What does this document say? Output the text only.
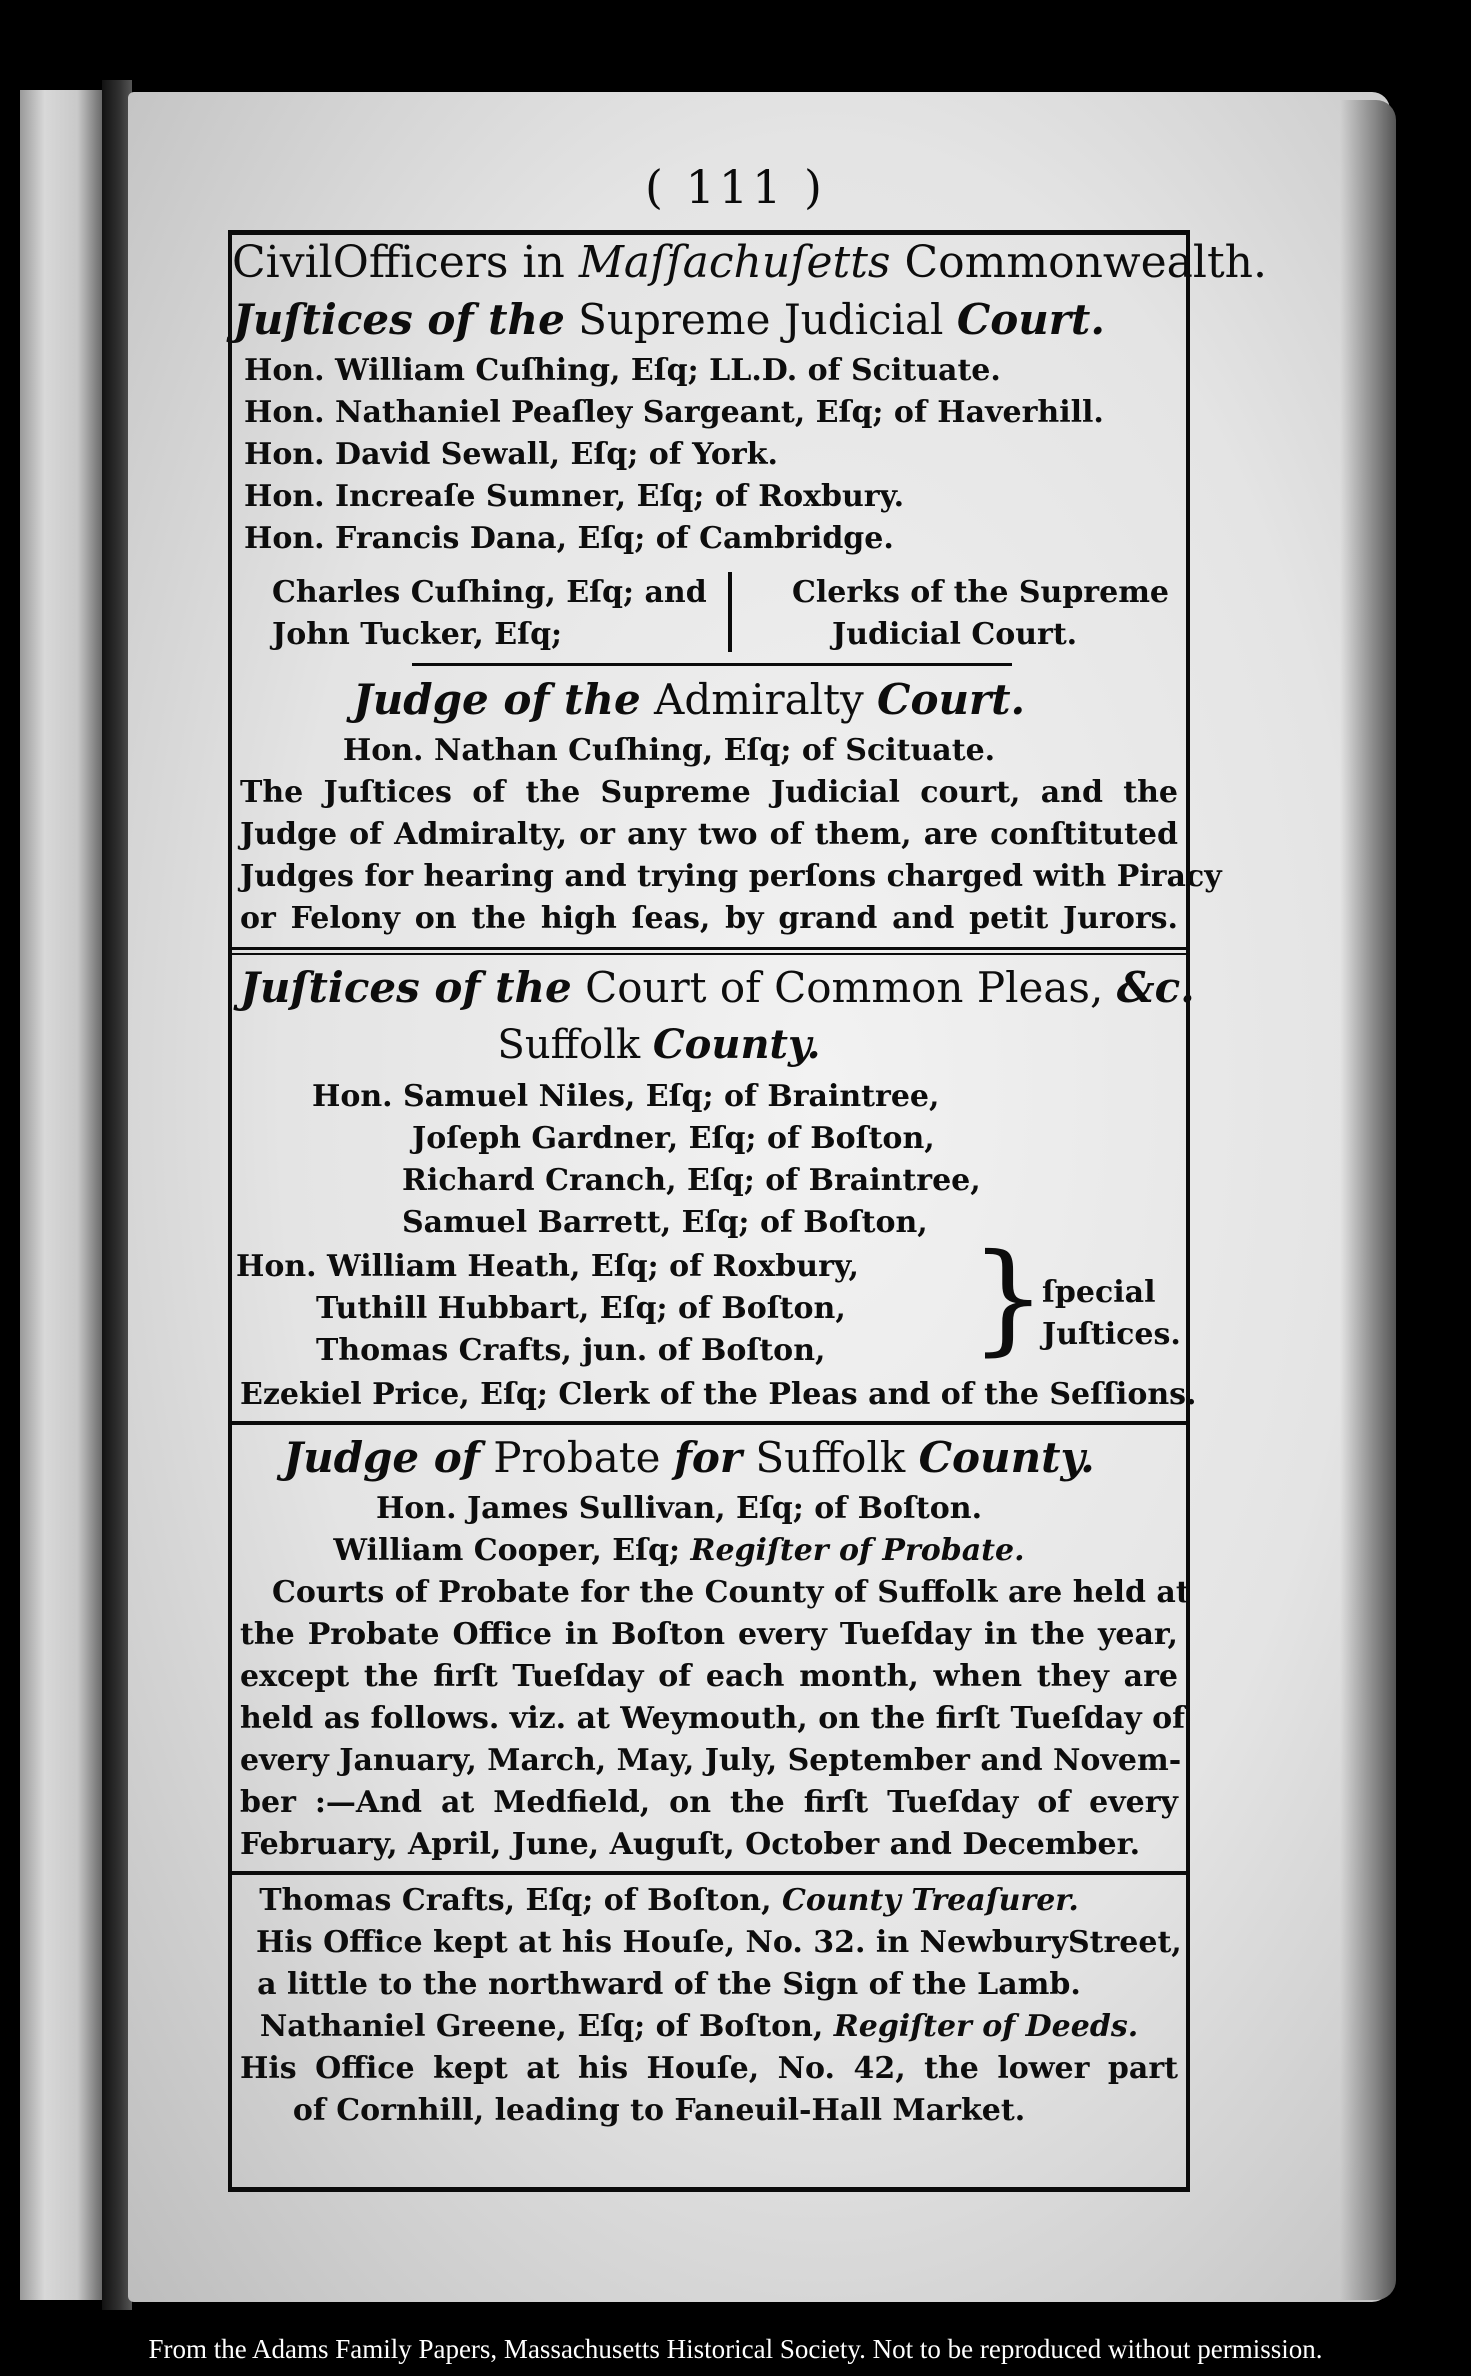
( 111 )
CivilOfficers in Maſſachuſetts Commonwealth.
Juſtices of the Supreme Judicial Court.
Hon. William Cuſhing, Eſq; LL.D. of Scituate.
Hon. Nathaniel Peaſley Sargeant, Eſq; of Haverhill.
Hon. David Sewall, Eſq; of York.
Hon. Increaſe Sumner, Eſq; of Roxbury.
Hon. Francis Dana, Eſq; of Cambridge.
Charles Cuſhing, Eſq; and
John Tucker, Eſq;
Clerks of the Supreme
Judicial Court.
Judge of the Admiralty Court.
Hon. Nathan Cuſhing, Eſq; of Scituate.
The Juſtices of the Supreme Judicial court, and the
Judge of Admiralty, or any two of them, are conſtituted
Judges for hearing and trying perſons charged with Piracy
or Felony on the high ſeas, by grand and petit Jurors.
Juſtices of the Court of Common Pleas, &c.
Suffolk County.
Hon. Samuel Niles, Eſq; of Braintree,
Joſeph Gardner, Eſq; of Boſton,
Richard Cranch, Eſq; of Braintree,
Samuel Barrett, Eſq; of Boſton,
Hon. William Heath, Eſq; of Roxbury,
Tuthill Hubbart, Eſq; of Boſton,
Thomas Crafts, jun. of Boſton, }
ſpecial
Juſtices.
Ezekiel Price, Eſq; Clerk of the Pleas and of the Seſſions.
Judge of Probate for Suffolk County.
Hon. James Sullivan, Eſq; of Boſton.
William Cooper, Eſq; Regiſter of Probate.
Courts of Probate for the County of Suffolk are held at
the Probate Office in Boſton every Tueſday in the year,
except the firſt Tueſday of each month, when they are
held as follows. viz. at Weymouth, on the firſt Tueſday of
every January, March, May, July, September and Novem-
ber :—And at Medfield, on the firſt Tueſday of every
February, April, June, Auguſt, October and December.
Thomas Crafts, Eſq; of Boſton, County Treaſurer.
His Office kept at his Houſe, No. 32. in NewburyStreet,
a little to the northward of the Sign of the Lamb.
Nathaniel Greene, Eſq; of Boſton, Regiſter of Deeds.
His Office kept at his Houſe, No. 42, the lower part
of Cornhill, leading to Faneuil-Hall Market.
From the Adams Family Papers, Massachusetts Historical Society. Not to be reproduced without permission.
